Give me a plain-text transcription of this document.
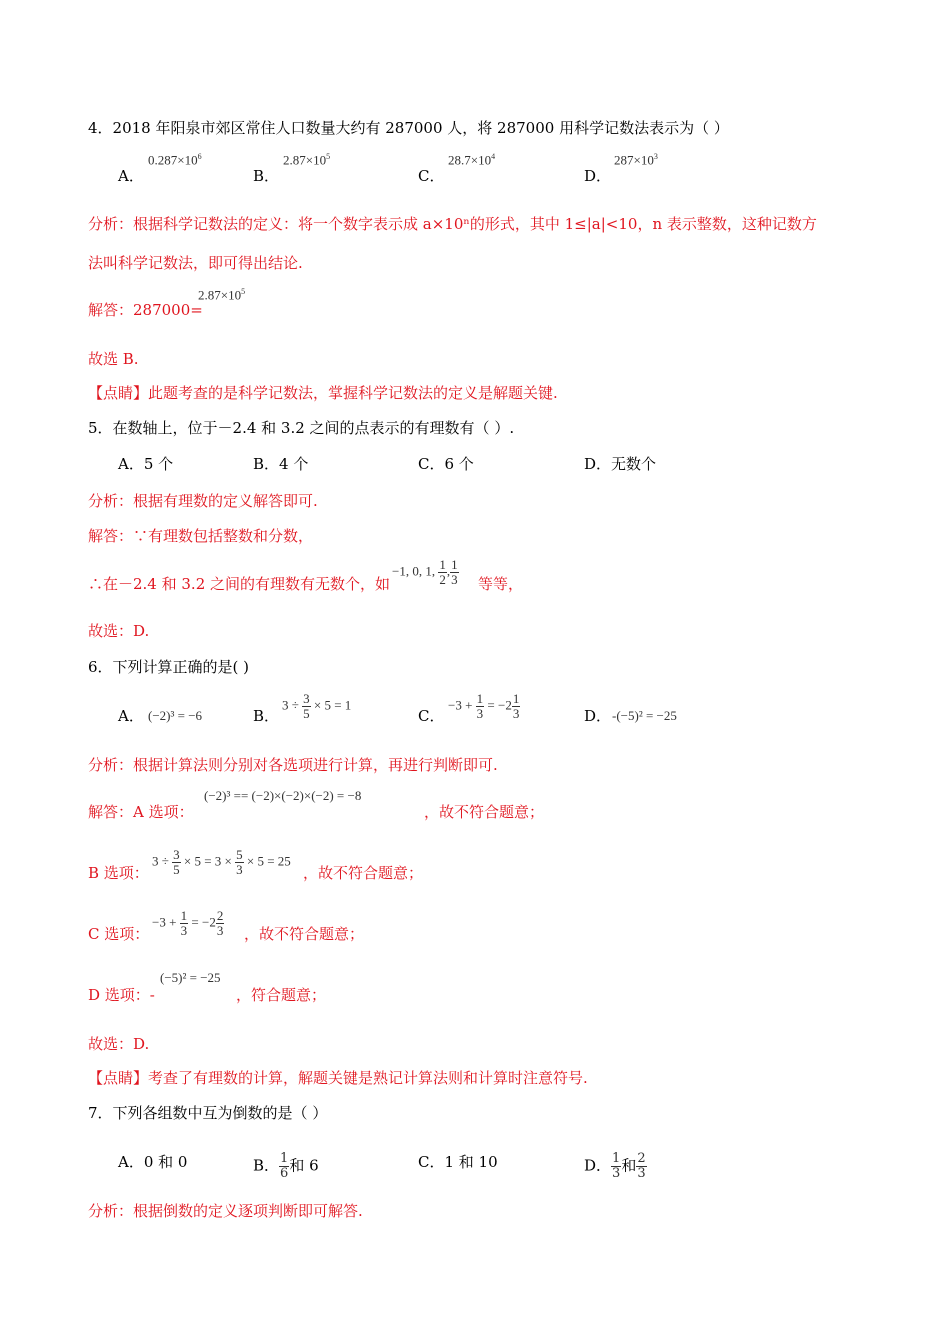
4．2018 年阳泉市郊区常住人口数量大约有 287000 人，将 287000 用科学记数法表示为（ ）
A．
$0.287\times 10^6$
B．
$2.87\times 10^5$
C．
$28.7\times 10^4$
D．
$287\times 10^3$
分析：根据科学记数法的定义：将一个数字表示成 a×10ⁿ的形式，其中 1≤|a|<10，n 表示整数，这种记数方
法叫科学记数法，即可得出结论.
解答：287000=
$2.87\times 10^5$
故选 B.
【点睛】此题考查的是科学记数法，掌握科学记数法的定义是解题关键.
5．在数轴上，位于－2.4 和 3.2 之间的点表示的有理数有（ ）.
A．5 个	B．4 个	C．6 个	D．无数个
分析：根据有理数的定义解答即可.
解答：∵有理数包括整数和分数，
∴在－2.4 和 3.2 之间的有理数有无数个，如
−1, 0, 1, $\frac{1}{2}$ , $\frac{1}{3}$ 等等，
故选：D.
6．下列计算正确的是( )
A． (−2)³ = −6	B．
$3 \div \frac{3}{5} \times 5 = 1$
C．
$-3 + \frac{1}{3} = -2 \frac{1}{3}$	D． -(−5)² = −25
分析：根据计算法则分别对各选项进行计算，再进行判断即可.
解答：A 选项：
(−2)³ == (−2)×(−2)×(−2) = −8
，故不符合题意；
B 选项：
$3 \div \frac{3}{5} \times 5 = 3 \times \frac{5}{3} \times 5 = 25$
，故不符合题意；
C 选项：
$-3 + \frac{1}{3} = -2 \frac{2}{3}$ ，故不符合题意；
D 选项：-
(−5)² = −25
，符合题意；
故选：D.
【点睛】考查了有理数的计算，解题关键是熟记计算法则和计算时注意符号.
7．下列各组数中互为倒数的是（ ）
A．0 和 0	B． $\frac{1}{6}$ 和 6	C．1 和 10	D． $\frac{1}{3}$ 和 $\frac{2}{3}$
分析：根据倒数的定义逐项判断即可解答.
